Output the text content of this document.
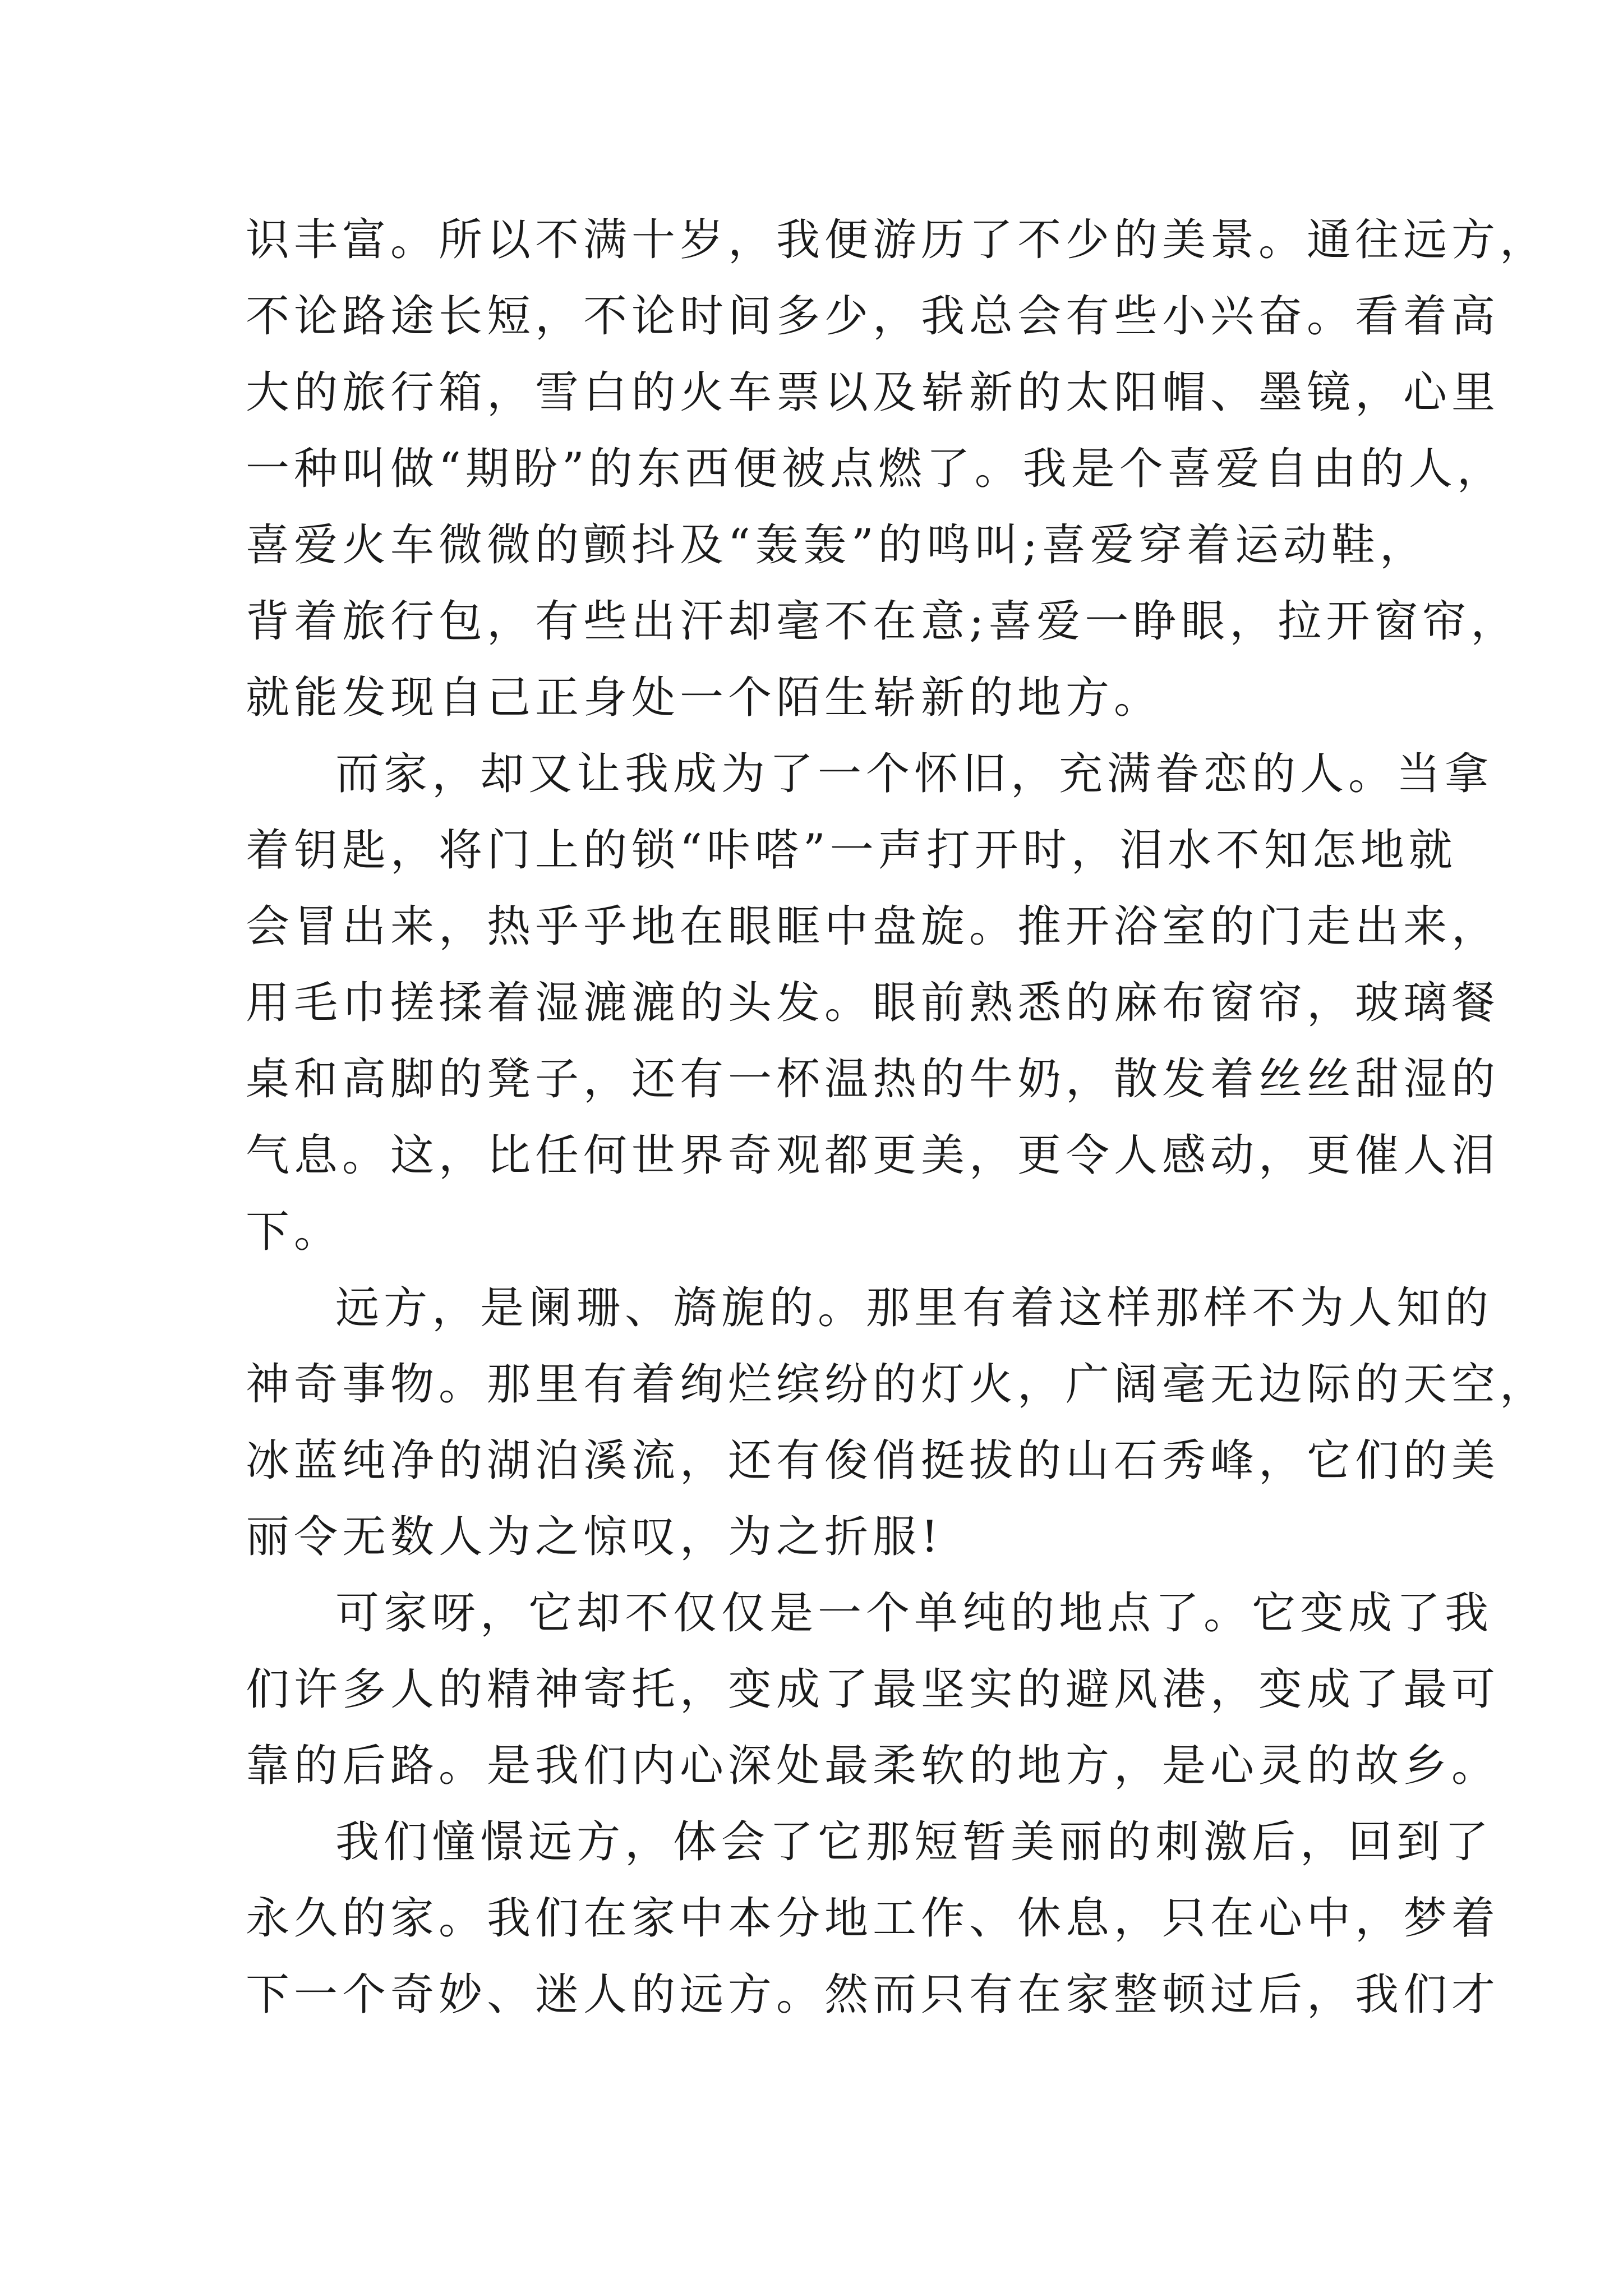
识丰富。所以不满十岁，我便游历了不少的美景。通往远方，
不论路途长短，不论时间多少，我总会有些小兴奋。看着高
大的旅行箱，雪白的火车票以及崭新的太阳帽、墨镜，心里
一种叫做“期盼”的东西便被点燃了。我是个喜爱自由的人，
喜爱火车微微的颤抖及“轰轰”的鸣叫;喜爱穿着运动鞋，
背着旅行包，有些出汗却毫不在意;喜爱一睁眼，拉开窗帘，
就能发现自己正身处一个陌生崭新的地方。
而家，却又让我成为了一个怀旧，充满眷恋的人。当拿
着钥匙，将门上的锁“咔嗒”一声打开时，泪水不知怎地就
会冒出来，热乎乎地在眼眶中盘旋。推开浴室的门走出来，
用毛巾搓揉着湿漉漉的头发。眼前熟悉的麻布窗帘，玻璃餐
桌和高脚的凳子，还有一杯温热的牛奶，散发着丝丝甜湿的
气息。这，比任何世界奇观都更美，更令人感动，更催人泪
下。
远方，是阑珊、旖旎的。那里有着这样那样不为人知的
神奇事物。那里有着绚烂缤纷的灯火，广阔毫无边际的天空，
冰蓝纯净的湖泊溪流，还有俊俏挺拔的山石秀峰，它们的美
丽令无数人为之惊叹，为之折服!
可家呀，它却不仅仅是一个单纯的地点了。它变成了我
们许多人的精神寄托，变成了最坚实的避风港，变成了最可
靠的后路。是我们内心深处最柔软的地方，是心灵的故乡。
我们憧憬远方，体会了它那短暂美丽的刺激后，回到了
永久的家。我们在家中本分地工作、休息，只在心中，梦着
下一个奇妙、迷人的远方。然而只有在家整顿过后，我们才
